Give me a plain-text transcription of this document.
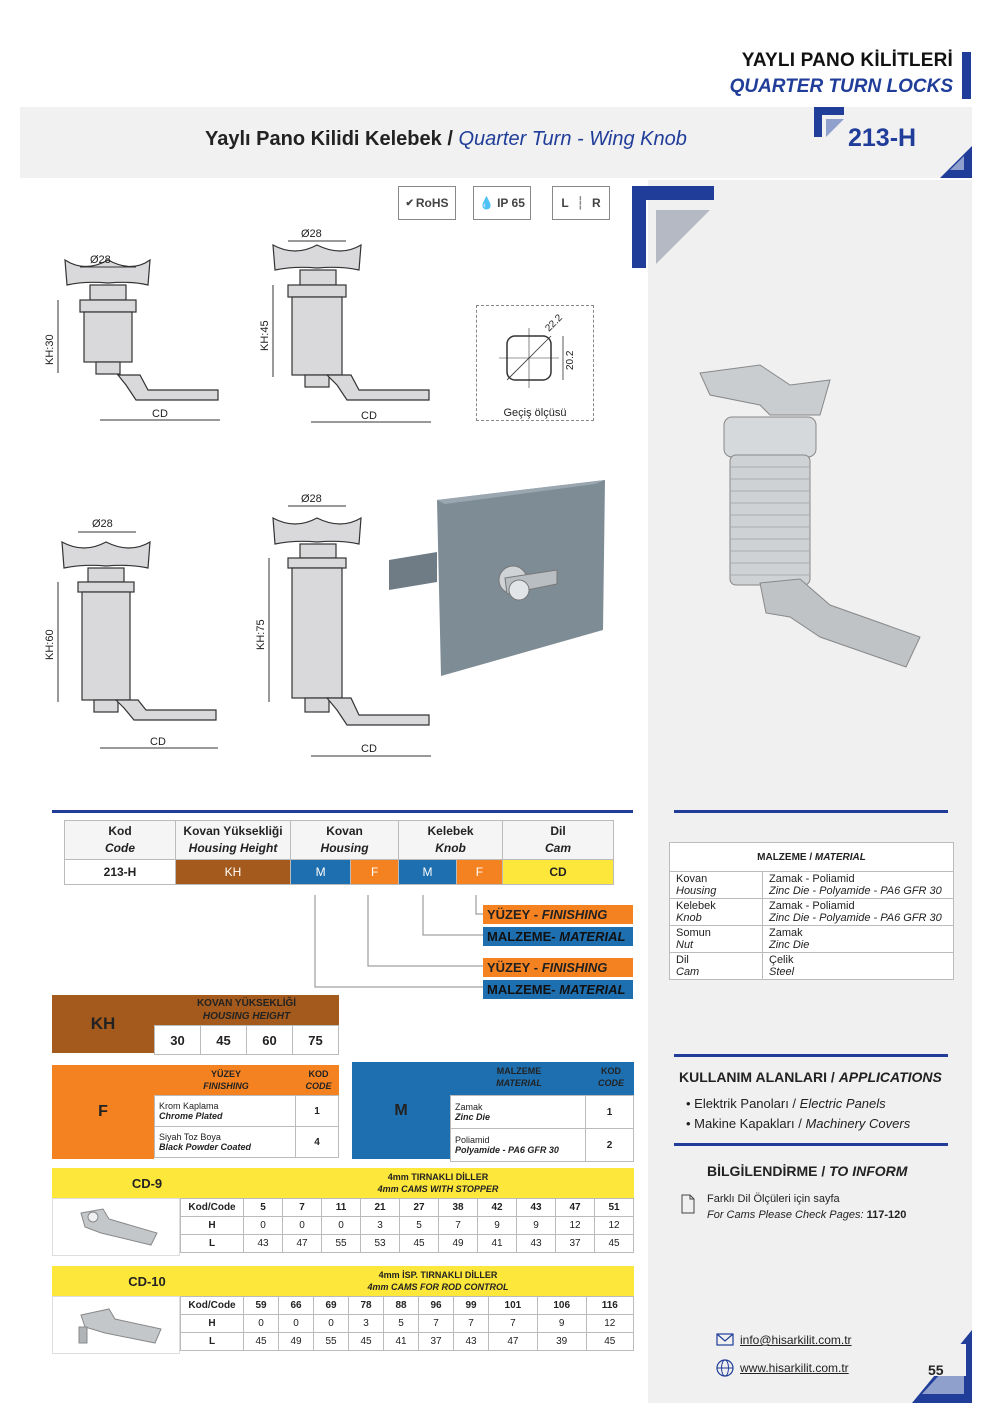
YAYLI PANO KİLİTLERİ
QUARTER TURN LOCKS
Yaylı Pano Kilidi Kelebek / Quarter Turn - Wing Knob	213-H
✔ RoHS	💧 IP 65	L ┆ R
Ø28
KH:30
CD
Ø28
KH:45
CD
22.2
20.2
Geçiş ölçüsü
Ø28
KH:60
CD
Ø28
KH:75
CD
Kod
Code	Kovan Yüksekliği
Housing Height	Kovan
Housing		Kelebek
Knob		Dil
Cam
213-H	KH	M	F	M	F	CD
YÜZEY - FINISHING
MALZEME- MATERIAL
YÜZEY - FINISHING
MALZEME- MATERIAL
KH
KOVAN YÜKSEKLİĞİ
HOUSING HEIGHT
30	45	60	75
F
YÜZEY
FINISHING
KOD
CODE
Krom Kaplama
Chrome Plated	1
Siyah Toz Boya
Black Powder Coated	4
M
MALZEME
MATERIAL
KOD
CODE
Zamak
Zinc Die	1
Poliamid
Polyamide - PA6 GFR 30	2
CD-9	4mm TIRNAKLI DİLLER
4mm CAMS WITH STOPPER
Kod/Code	5	7	11	21	27	38	42	43	47	51
H	0	0	0	3	5	7	9	9	12	12
L	43	47	55	53	45	49	41	43	37	45
CD-10	4mm İSP. TIRNAKLI DİLLER
4mm CAMS FOR ROD CONTROL
Kod/Code	59	66	69	78	88	96	99	101	106	116
H	0	0	0	3	5	7	7	7	9	12
L	45	49	55	45	41	37	43	47	39	45
MALZEME / MATERIAL	
Kovan
Housing	Zamak - Poliamid
Zinc Die - Polyamide - PA6 GFR 30
Kelebek
Knob	Zamak - Poliamid
Zinc Die - Polyamide - PA6 GFR 30
Somun
Nut	Zamak
Zinc Die
Dil
Cam	Çelik
Steel
KULLANIM ALANLARI / APPLICATIONS
• Elektrik Panoları / Electric Panels
• Makine Kapakları / Machinery Covers
BİLGİLENDİRME / TO INFORM
Farklı Dil Ölçüleri için sayfa
For Cams Please Check Pages: 117-120
info@hisarkilit.com.tr
www.hisarkilit.com.tr	55
